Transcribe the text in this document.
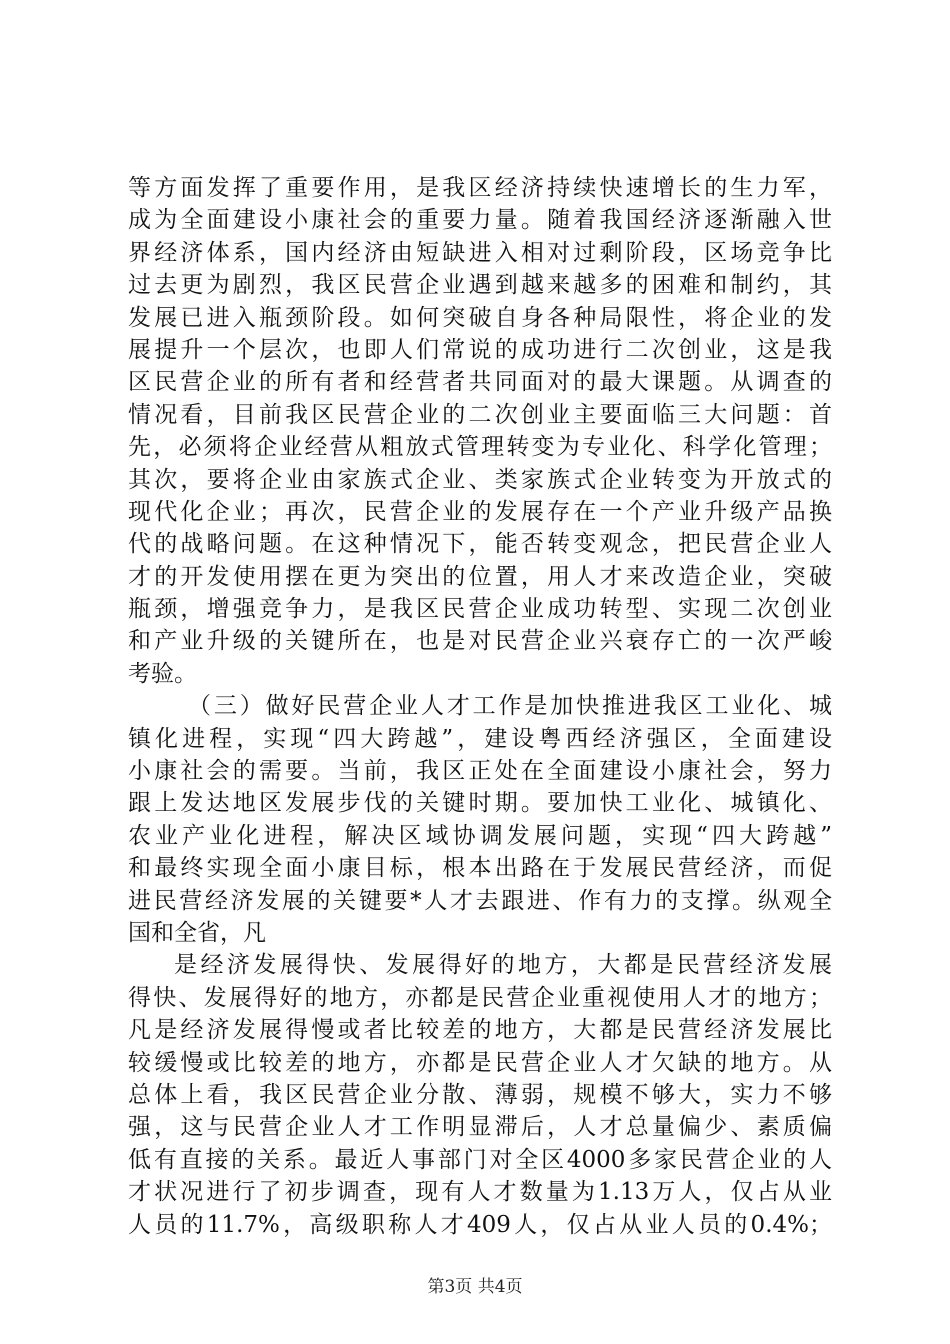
等方面发挥了重要作用，是我区经济持续快速增长的生力军，
成为全面建设小康社会的重要力量。随着我国经济逐渐融入世
界经济体系，国内经济由短缺进入相对过剩阶段，区场竞争比
过去更为剧烈，我区民营企业遇到越来越多的困难和制约，其
发展已进入瓶颈阶段。如何突破自身各种局限性，将企业的发
展提升一个层次，也即人们常说的成功进行二次创业，这是我
区民营企业的所有者和经营者共同面对的最大课题。从调查的
情况看，目前我区民营企业的二次创业主要面临三大问题：首
先，必须将企业经营从粗放式管理转变为专业化、科学化管理；
其次，要将企业由家族式企业、类家族式企业转变为开放式的
现代化企业；再次，民营企业的发展存在一个产业升级产品换
代的战略问题。在这种情况下，能否转变观念，把民营企业人
才的开发使用摆在更为突出的位置，用人才来改造企业，突破
瓶颈，增强竞争力，是我区民营企业成功转型、实现二次创业
和产业升级的关键所在，也是对民营企业兴衰存亡的一次严峻
考验。
（三）做好民营企业人才工作是加快推进我区工业化、城
镇化进程，实现“四大跨越”，建设粤西经济强区，全面建设
小康社会的需要。当前，我区正处在全面建设小康社会，努力
跟上发达地区发展步伐的关键时期。要加快工业化、城镇化、
农业产业化进程，解决区域协调发展问题，实现“四大跨越”
和最终实现全面小康目标，根本出路在于发展民营经济，而促
进民营经济发展的关键要*人才去跟进、作有力的支撑。纵观全
国和全省，凡
是经济发展得快、发展得好的地方，大都是民营经济发展
得快、发展得好的地方，亦都是民营企业重视使用人才的地方；
凡是经济发展得慢或者比较差的地方，大都是民营经济发展比
较缓慢或比较差的地方，亦都是民营企业人才欠缺的地方。从
总体上看，我区民营企业分散、薄弱，规模不够大，实力不够
强，这与民营企业人才工作明显滞后，人才总量偏少、素质偏
低有直接的关系。最近人事部门对全区4000多家民营企业的人
才状况进行了初步调查，现有人才数量为1.13万人，仅占从业
人员的11.7%，高级职称人才409人，仅占从业人员的0.4%；
第3页 共4页
